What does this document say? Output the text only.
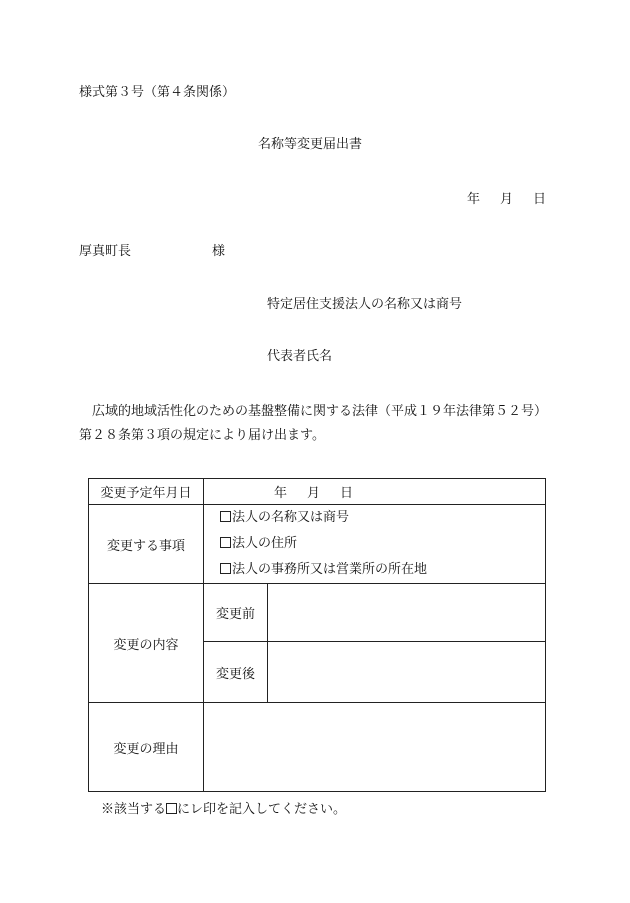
様式第３号（第４条関係）
名称等変更届出書
年 月 日
厚真町長	様
特定居住支援法人の名称又は商号
代表者氏名
広域的地域活性化のための基盤整備に関する法律（平成１９年法律第５２号）
第２８条第３項の規定により届け出ます。
変更予定年月日	年 月 日	
変更する事項	法人の名称又は商号
法人の住所
法人の事務所又は営業所の所在地	

変更の内容	変更前	
	変更後	
変更の理由		
※該当する にレ印を記入してください。
